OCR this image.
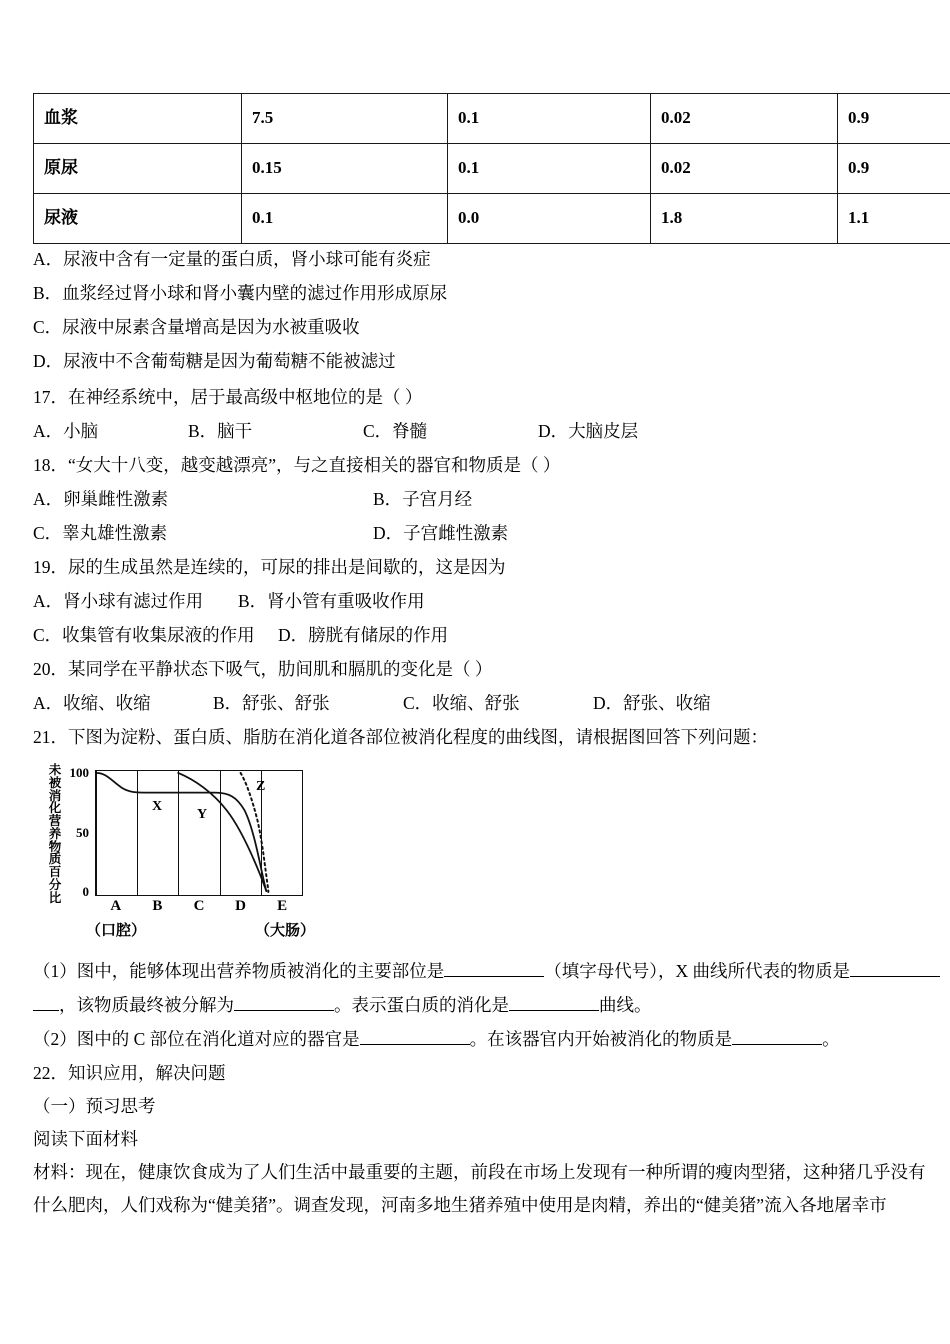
血浆	7.5	0.1	0.02	0.9
原尿	0.15	0.1	0.02	0.9
尿液	0.1	0.0	1.8	1.1
A．尿液中含有一定量的蛋白质，肾小球可能有炎症
B．血浆经过肾小球和肾小囊内壁的滤过作用形成原尿
C．尿液中尿素含量增高是因为水被重吸收
D．尿液中不含葡萄糖是因为葡萄糖不能被滤过
17．在神经系统中，居于最高级中枢地位的是（ ）
A．小脑	B．脑干	C．脊髓	D．大脑皮层
18．“女大十八变，越变越漂亮”，与之直接相关的器官和物质是（ ）
A．卵巢雌性激素	B．子宫月经
C．睾丸雄性激素	D．子宫雌性激素
19．尿的生成虽然是连续的，可尿的排出是间歇的，这是因为
A．肾小球有滤过作用 B．肾小管有重吸收作用
C．收集管有收集尿液的作用 D．膀胱有储尿的作用
20．某同学在平静状态下吸气，肋间肌和膈肌的变化是（ ）
A．收缩、收缩	B．舒张、舒张	C．收缩、舒张	D．舒张、收缩
21．下图为淀粉、蛋白质、脂肪在消化道各部位被消化程度的曲线图，请根据图回答下列问题：
未
被
消
化
营
养
物
质
百
分
比
100
50
0
X
Y
Z
A B C D E
（口腔）	（大肠）
（1）图中，能够体现出营养物质被消化的主要部位是	（填字母代号），X 曲线所代表的物质是
，该物质最终被分解为	。表示蛋白质的消化是	曲线。
（2）图中的 C 部位在消化道对应的器官是	。在该器官内开始被消化的物质是	。
22．知识应用，解决问题
（一）预习思考
阅读下面材料
材料：现在，健康饮食成为了人们生活中最重要的主题，前段在市场上发现有一种所谓的瘦肉型猪，这种猪几乎没有
什么肥肉，人们戏称为“健美猪”。调查发现，河南多地生猪养殖中使用是肉精，养出的“健美猪”流入各地屠幸市
